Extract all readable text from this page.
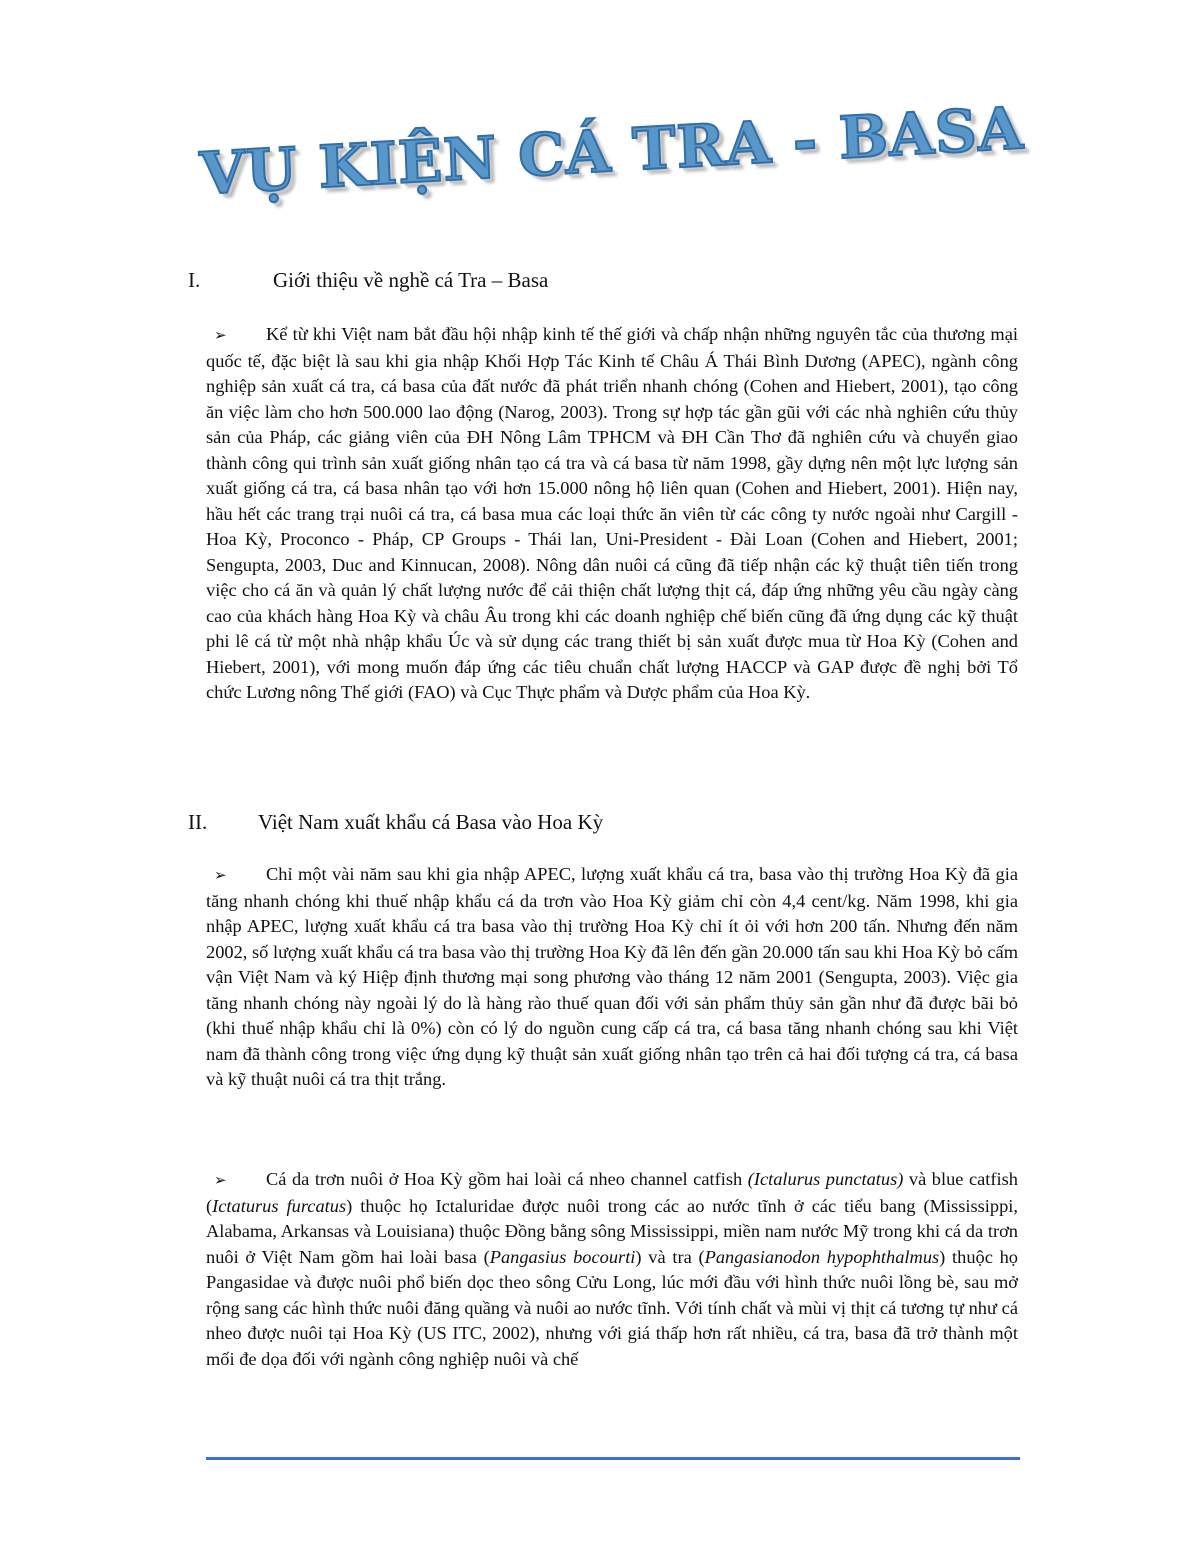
VỤ KIỆN CÁ TRA - BASA
I.	Giới thiệu về nghề cá Tra – Basa

➢ Kể từ khi Việt nam bắt đầu hội nhập kinh tế thế giới và chấp nhận những nguyên tắc của thương mại quốc tế, đặc biệt là sau khi gia nhập Khối Hợp Tác Kinh tế Châu Á Thái Bình Dương (APEC), ngành công nghiệp sản xuất cá tra, cá basa của đất nước đã phát triển nhanh chóng (Cohen and Hiebert, 2001), tạo công ăn việc làm cho hơn 500.000 lao động (Narog, 2003). Trong sự hợp tác gần gũi với các nhà nghiên cứu thủy sản của Pháp, các giảng viên của ĐH Nông Lâm TPHCM và ĐH Cần Thơ đã nghiên cứu và chuyển giao thành công qui trình sản xuất giống nhân tạo cá tra và cá basa từ năm 1998, gầy dựng nên một lực lượng sản xuất giống cá tra, cá basa nhân tạo với hơn 15.000 nông hộ liên quan (Cohen and Hiebert, 2001). Hiện nay, hầu hết các trang trại nuôi cá tra, cá basa mua các loại thức ăn viên từ các công ty nước ngoài như Cargill - Hoa Kỳ, Proconco - Pháp, CP Groups - Thái lan, Uni-President - Đài Loan (Cohen and Hiebert, 2001; Sengupta, 2003, Duc and Kinnucan, 2008). Nông dân nuôi cá cũng đã tiếp nhận các kỹ thuật tiên tiến trong việc cho cá ăn và quản lý chất lượng nước để cải thiện chất lượng thịt cá, đáp ứng những yêu cầu ngày càng cao của khách hàng Hoa Kỳ và châu Âu trong khi các doanh nghiệp chế biến cũng đã ứng dụng các kỹ thuật phi lê cá từ một nhà nhập khẩu Úc và sử dụng các trang thiết bị sản xuất được mua từ Hoa Kỳ (Cohen and Hiebert, 2001), với mong muốn đáp ứng các tiêu chuẩn chất lượng HACCP và GAP được đề nghị bởi Tổ chức Lương nông Thế giới (FAO) và Cục Thực phẩm và Dược phẩm của Hoa Kỳ.

II.	Việt Nam xuất khẩu cá Basa vào Hoa Kỳ

➢ Chỉ một vài năm sau khi gia nhập APEC, lượng xuất khẩu cá tra, basa vào thị trường Hoa Kỳ đã gia tăng nhanh chóng khi thuế nhập khẩu cá da trơn vào Hoa Kỳ giảm chỉ còn 4,4 cent/kg. Năm 1998, khi gia nhập APEC, lượng xuất khẩu cá tra basa vào thị trường Hoa Kỳ chỉ ít ỏi với hơn 200 tấn. Nhưng đến năm 2002, số lượng xuất khẩu cá tra basa vào thị trường Hoa Kỳ đã lên đến gần 20.000 tấn sau khi Hoa Kỳ bỏ cấm vận Việt Nam và ký Hiệp định thương mại song phương vào tháng 12 năm 2001 (Sengupta, 2003). Việc gia tăng nhanh chóng này ngoài lý do là hàng rào thuế quan đối với sản phẩm thủy sản gần như đã được bãi bỏ (khi thuế nhập khẩu chỉ là 0%) còn có lý do nguồn cung cấp cá tra, cá basa tăng nhanh chóng sau khi Việt nam đã thành công trong việc ứng dụng kỹ thuật sản xuất giống nhân tạo trên cả hai đối tượng cá tra, cá basa và kỹ thuật nuôi cá tra thịt trắng.

➢ Cá da trơn nuôi ở Hoa Kỳ gồm hai loài cá nheo channel catfish (Ictalurus punctatus) và blue catfish (Ictaturus furcatus) thuộc họ Ictaluridae được nuôi trong các ao nước tĩnh ở các tiểu bang (Mississippi, Alabama, Arkansas và Louisiana) thuộc Đồng bằng sông Mississippi, miền nam nước Mỹ trong khi cá da trơn nuôi ở Việt Nam gồm hai loài basa (Pangasius bocourti) và tra (Pangasianodon hypophthalmus) thuộc họ Pangasidae và được nuôi phổ biến dọc theo sông Cửu Long, lúc mới đầu với hình thức nuôi lồng bè, sau mở rộng sang các hình thức nuôi đăng quầng và nuôi ao nước tĩnh. Với tính chất và mùi vị thịt cá tương tự như cá nheo được nuôi tại Hoa Kỳ (US ITC, 2002), nhưng với giá thấp hơn rất nhiều, cá tra, basa đã trở thành một mối đe dọa đối với ngành công nghiệp nuôi và chế
